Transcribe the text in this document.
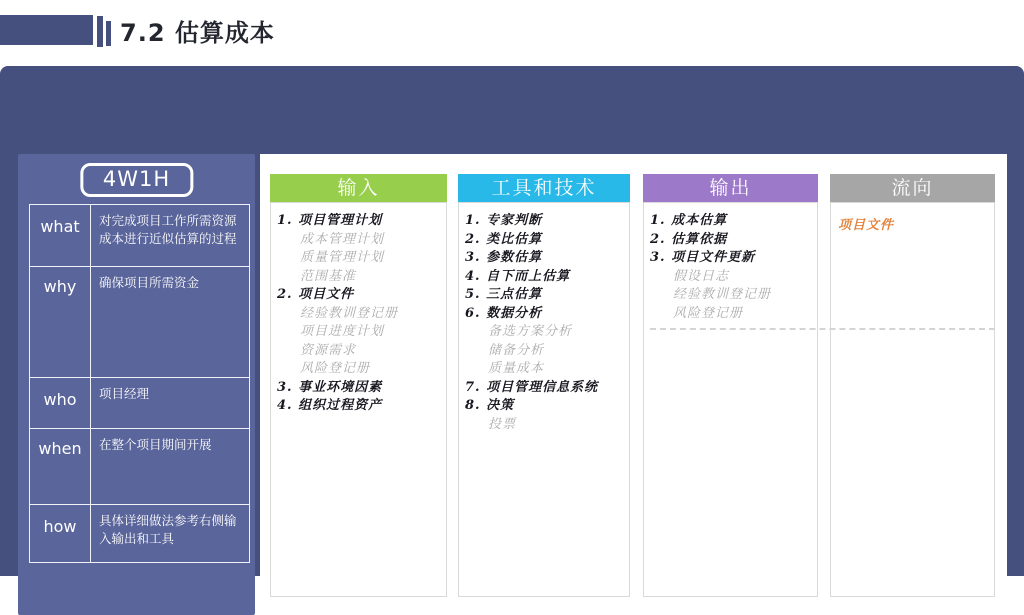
7.2 估算成本
4W1H
what	对完成项目工作所需资源成本进行近似估算的过程
why	确保项目所需资金
who	项目经理
when	在整个项目期间开展
how	具体详细做法参考右侧输入输出和工具
输入
1. 项目管理计划
成本管理计划
质量管理计划
范围基准
2. 项目文件
经验教训登记册
项目进度计划
资源需求
风险登记册
3. 事业环境因素
4. 组织过程资产
工具和技术
1. 专家判断
2. 类比估算
3. 参数估算
4. 自下而上估算
5. 三点估算
6. 数据分析
备选方案分析
储备分析
质量成本
7. 项目管理信息系统
8. 决策
投票
输出
1. 成本估算
2. 估算依据
3. 项目文件更新
假设日志
经验教训登记册
风险登记册
流向
项目文件
